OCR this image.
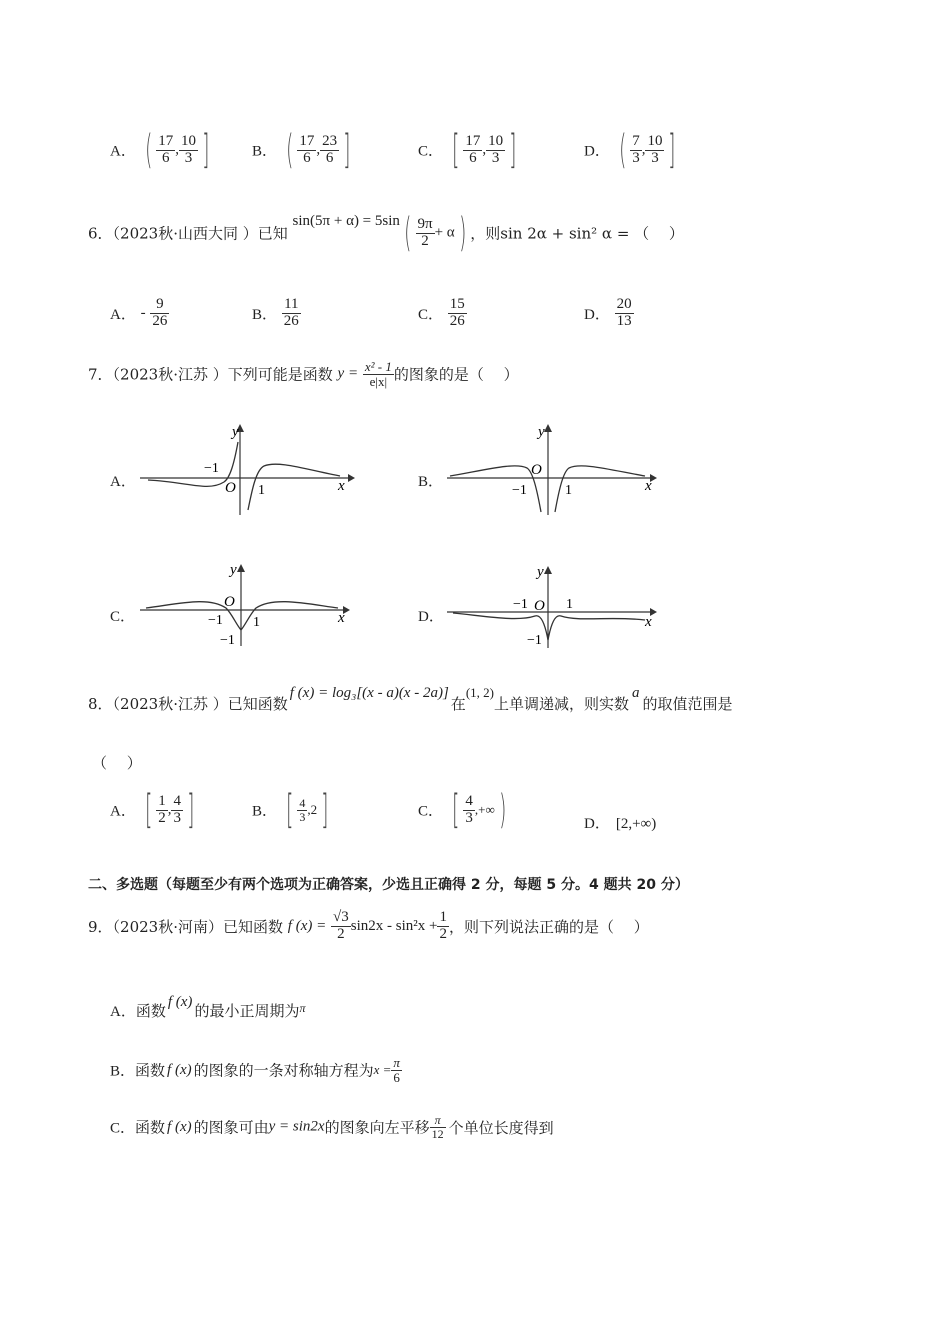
A． ( $\frac{17}{6}$ , $\frac{10}{3}$ ]	B． ( $\frac{17}{6}$ , $\frac{23}{6}$ ]	C． [ $\frac{17}{6}$ , $\frac{10}{3}$ ]	D． ( $\frac{7}{3}$ , $\frac{10}{3}$ ]
6．（2023秋·山西大同 ）已知 sin(5π + α) = 5sin ( $\frac{9\pi}{2} + \alpha$ ) ，则sin 2α + sin² α = （　 ）
A． - $\frac{9}{26}$	B． $\frac{11}{26}$	C． $\frac{15}{26}$	D． $\frac{20}{13}$
7．（2023秋·江苏 ）下列可能是函数 $y = \frac{\text{x² - 1}}{e|x|}$ 的图象的是（　 ）
A．
y
x
O
−1
1
B．
y
x
O
−1	1
C．
y
x
O
−1 1
−1
D．
y
x
O
−1	1
−1
8．（2023秋·江苏 ）已知函数f (x) = log₃[(x - a)(x - 2a)]在(1, 2)上单调递减，则实数a的取值范围是
（　 ）
A． [ $\frac{1}{2}$ , $\frac{4}{3}$ ]	B． [ $\frac{4}{3} ,2$ ]	C． [ $\frac{4}{3}$ ,+∞ )	D． [2,+∞)
二、多选题（每题至少有两个选项为正确答案，少选且正确得 2 分，每题 5 分。4 题共 20 分）
9．（2023秋·河南）已知函数 f $(x) = \frac{√3}{2} \sin 2x - \sin^2x + \frac{1}{2}$ ，则下列说法正确的是（　 ）
A．函数 f (x) 的最小正周期为$^\pi$
B．函数 f (x) 的图象的一条对称轴方程为$x = \frac{\pi}{6}$
C．函数 f (x) 的图象可由y = sin2x的图象向左平移 $\frac{\pi}{12}$ 个单位长度得到
